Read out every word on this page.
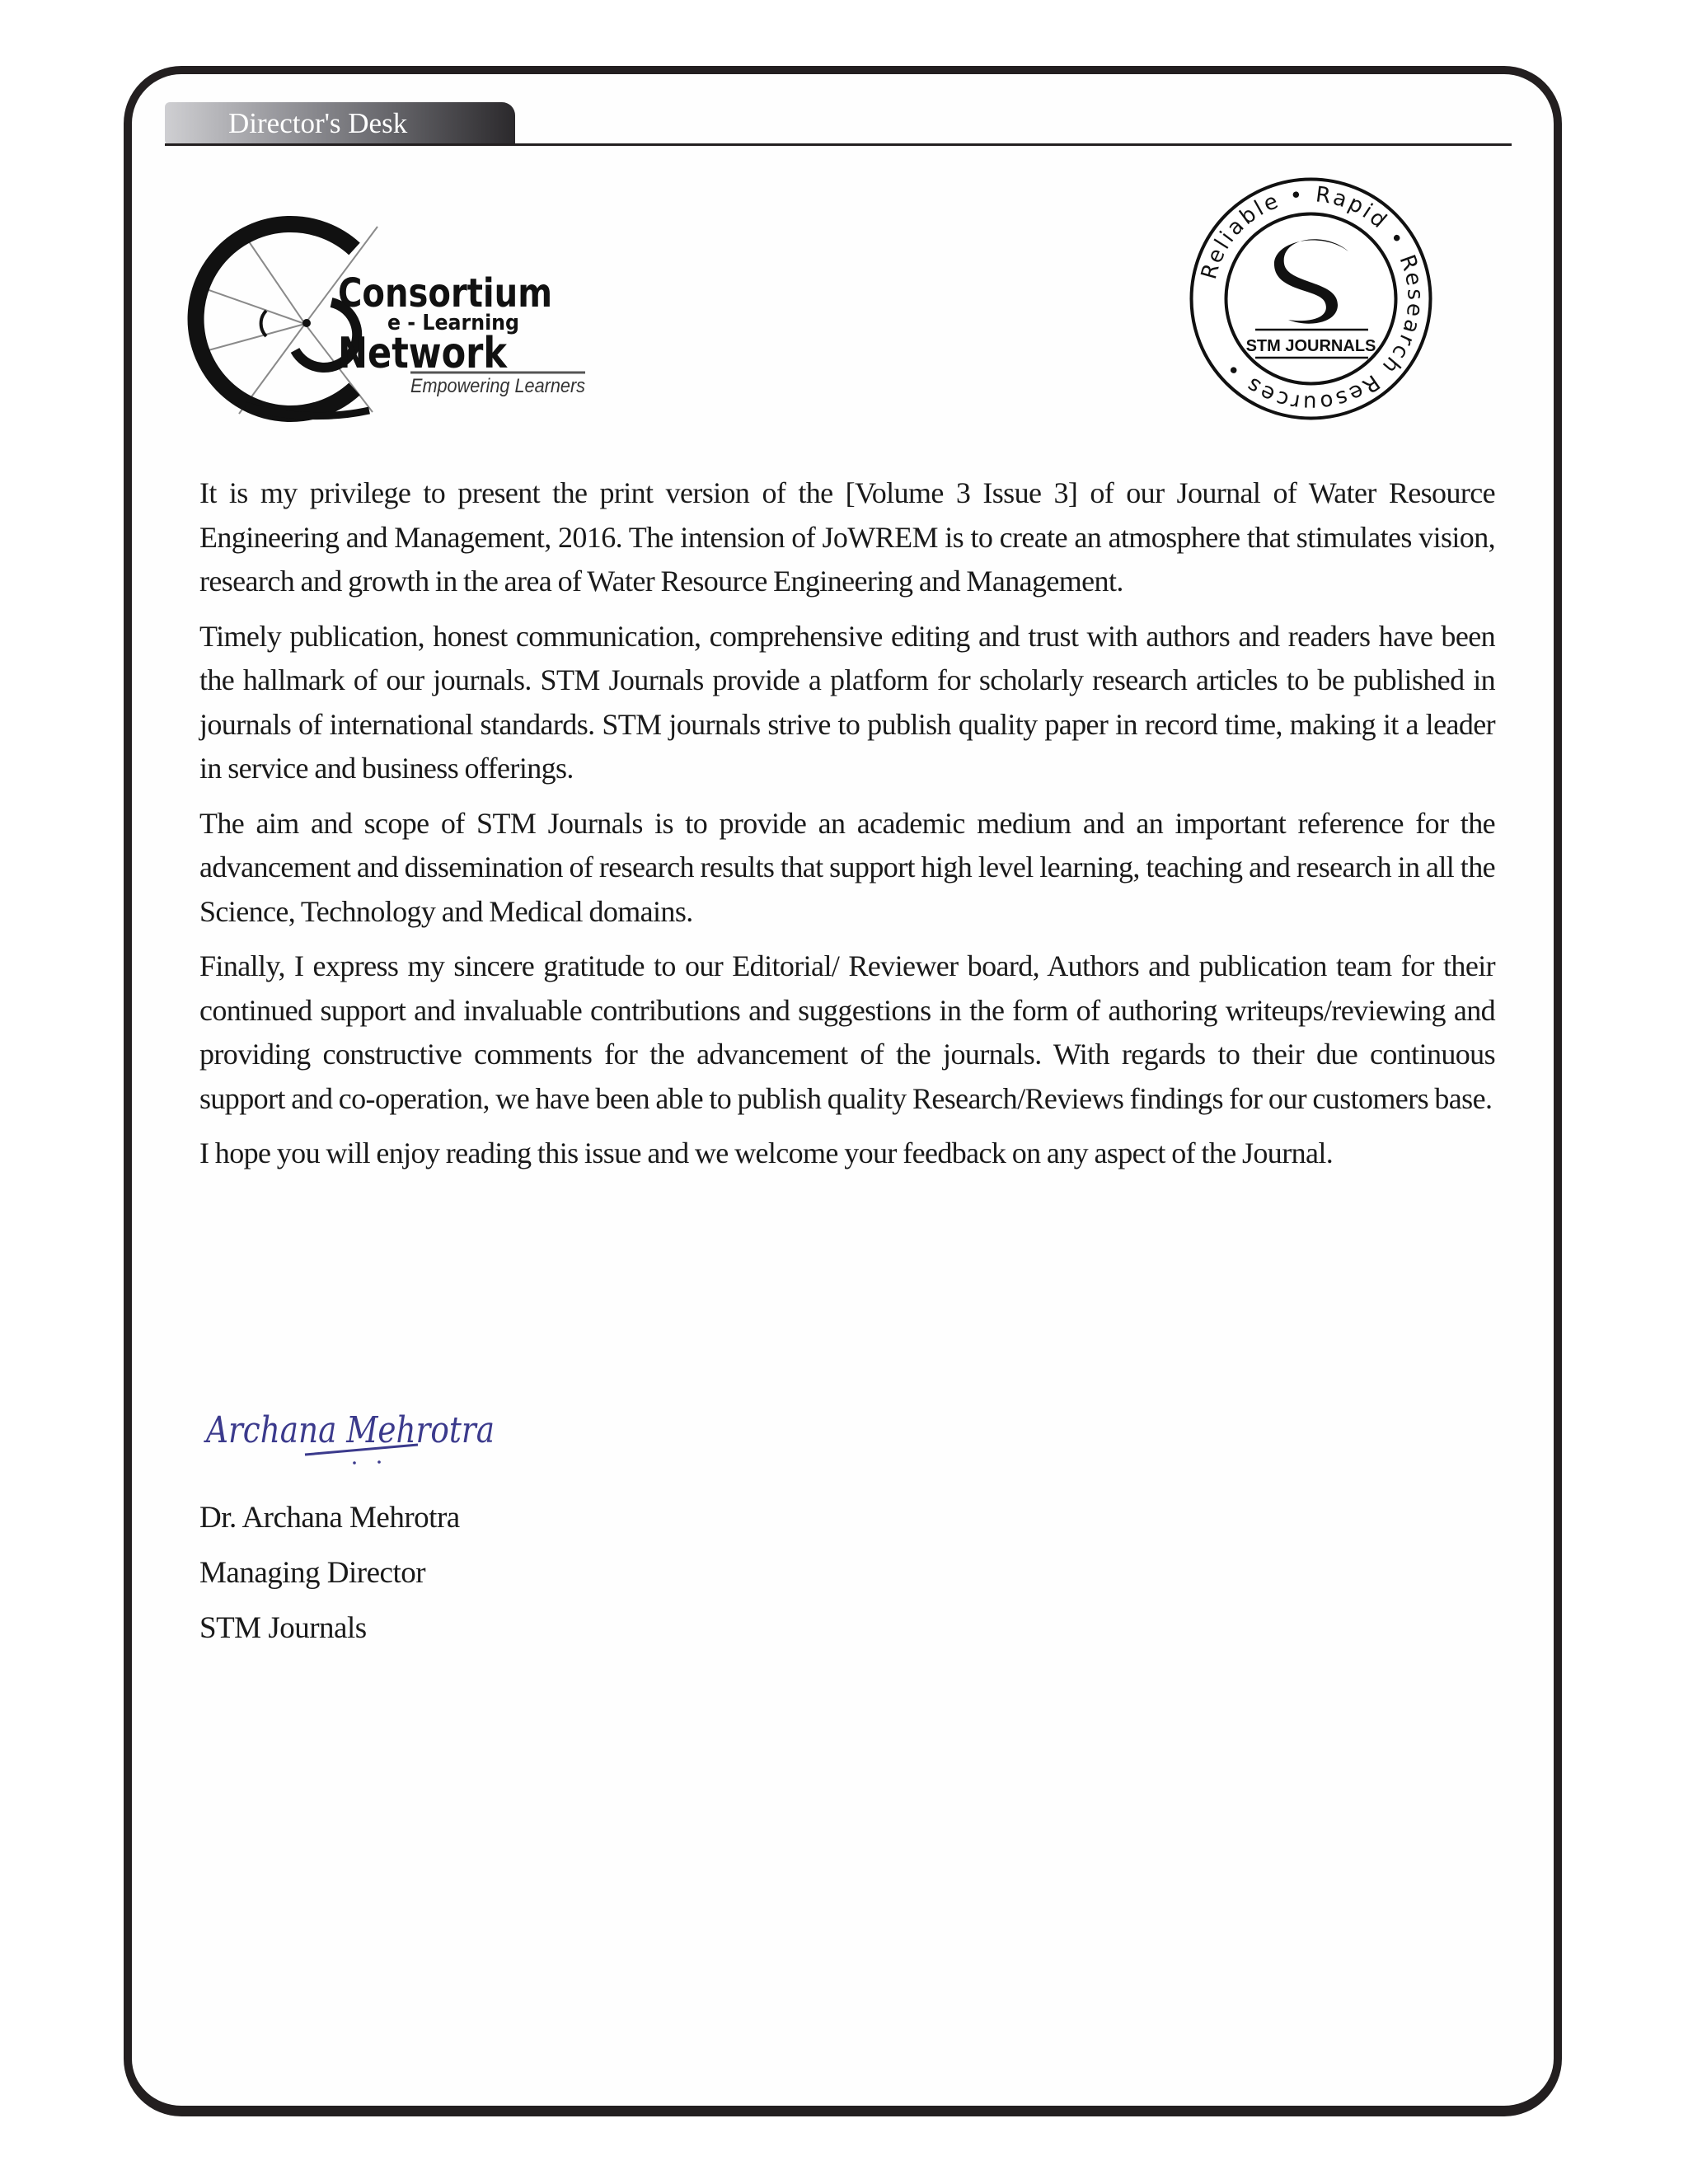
Director's Desk
Consortium
e - Learning
Network
Empowering Learners
Reliable • Rapid • Research Resources •
STM JOURNALS

It is my privilege to present the print version of the [Volume 3 Issue 3] of our Journal of Water Resource Engineering and Management, 2016. The intension of JoWREM is to create an atmosphere that stimulates vision, research and growth in the area of Water Resource Engineering and Management.

Timely publication, honest communication, comprehensive editing and trust with authors and readers have been the hallmark of our journals. STM Journals provide a platform for scholarly research articles to be published in journals of international standards. STM journals strive to publish quality paper in record time, making it a leader in service and business offerings.

The aim and scope of STM Journals is to provide an academic medium and an important reference for the advancement and dissemination of research results that support high level learning, teaching and research in all the Science, Technology and Medical domains.

Finally, I express my sincere gratitude to our Editorial/ Reviewer board, Authors and publication team for their continued support and invaluable contributions and suggestions in the form of authoring writeups/reviewing and providing constructive comments for the advancement of the journals. With regards to their due continuous support and co-operation, we have been able to publish quality Research/Reviews findings for our customers base.

I hope you will enjoy reading this issue and we welcome your feedback on any aspect of the Journal.

Archana Mehrotra
Dr. Archana Mehrotra
Managing Director
STM Journals
